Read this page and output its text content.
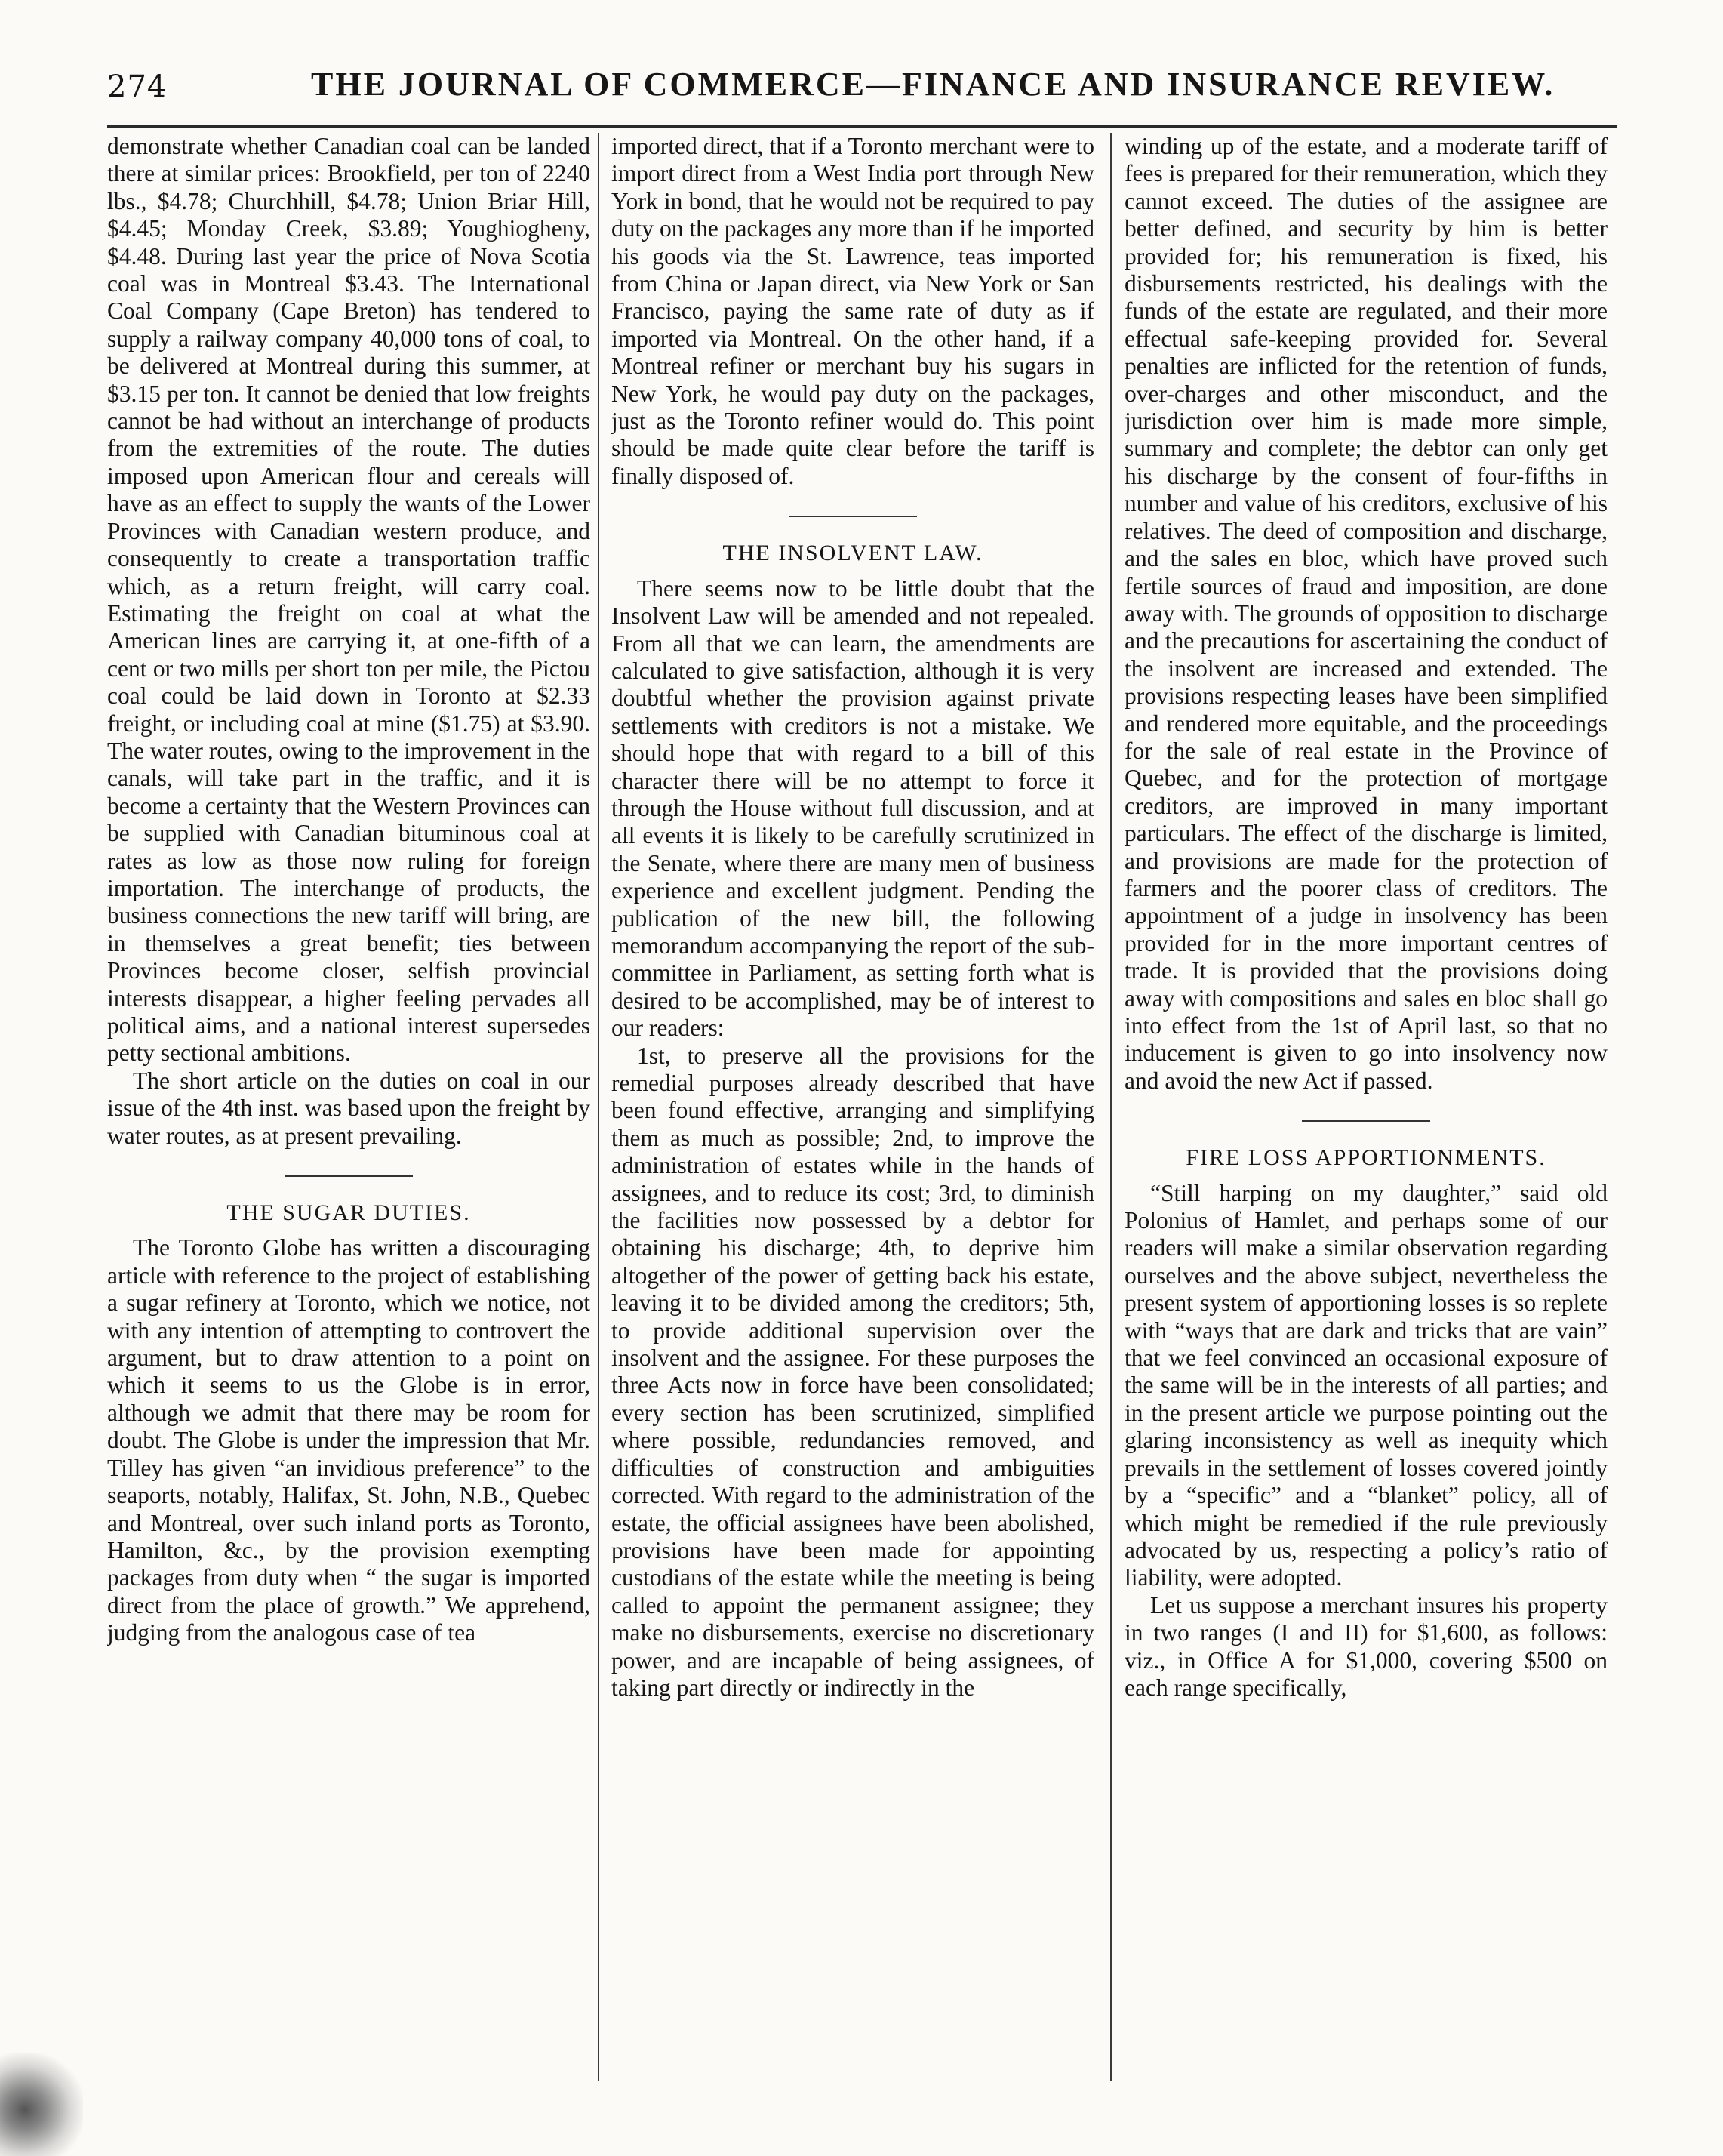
274	THE JOURNAL OF COMMERCE—FINANCE AND INSURANCE REVIEW.

demonstrate whether Canadian coal can be landed there at similar prices: Brookfield, per ton of 2240 lbs., $4.78; Churchhill, $4.78; Union Briar Hill, $4.45; Monday Creek, $3.89; Youghiogheny, $4.48. During last year the price of Nova Scotia coal was in Montreal $3.43. The International Coal Company (Cape Breton) has tendered to supply a railway company 40,000 tons of coal, to be delivered at Montreal during this summer, at $3.15 per ton. It cannot be denied that low freights cannot be had without an interchange of products from the extremities of the route. The duties imposed upon American flour and cereals will have as an effect to supply the wants of the Lower Provinces with Canadian western produce, and consequently to create a transportation traffic which, as a return freight, will carry coal. Estimating the freight on coal at what the American lines are carrying it, at one-fifth of a cent or two mills per short ton per mile, the Pictou coal could be laid down in Toronto at $2.33 freight, or including coal at mine ($1.75) at $3.90. The water routes, owing to the improvement in the canals, will take part in the traffic, and it is become a certainty that the Western Provinces can be supplied with Canadian bituminous coal at rates as low as those now ruling for foreign importation. The interchange of products, the business connections the new tariff will bring, are in themselves a great benefit; ties between Provinces become closer, selfish provincial interests disappear, a higher feeling pervades all political aims, and a national interest supersedes petty sectional ambitions.

The short article on the duties on coal in our issue of the 4th inst. was based upon the freight by water routes, as at present prevailing.

THE SUGAR DUTIES.

The Toronto Globe has written a discouraging article with reference to the project of establishing a sugar refinery at Toronto, which we notice, not with any intention of attempting to controvert the argument, but to draw attention to a point on which it seems to us the Globe is in error, although we admit that there may be room for doubt. The Globe is under the impression that Mr. Tilley has given “an invidious preference” to the seaports, notably, Halifax, St. John, N.B., Quebec and Montreal, over such inland ports as Toronto, Hamilton, &c., by the provision exempting packages from duty when “ the sugar is imported direct from the place of growth.” We apprehend, judging from the analogous case of tea

imported direct, that if a Toronto merchant were to import direct from a West India port through New York in bond, that he would not be required to pay duty on the packages any more than if he imported his goods via the St. Lawrence, teas imported from China or Japan direct, via New York or San Francisco, paying the same rate of duty as if imported via Montreal. On the other hand, if a Montreal refiner or merchant buy his sugars in New York, he would pay duty on the packages, just as the Toronto refiner would do. This point should be made quite clear before the tariff is finally disposed of.

THE INSOLVENT LAW.

There seems now to be little doubt that the Insolvent Law will be amended and not repealed. From all that we can learn, the amendments are calculated to give satisfaction, although it is very doubtful whether the provision against private settlements with creditors is not a mistake. We should hope that with regard to a bill of this character there will be no attempt to force it through the House without full discussion, and at all events it is likely to be carefully scrutinized in the Senate, where there are many men of business experience and excellent judgment. Pending the publication of the new bill, the following memorandum accompanying the report of the sub-committee in Parliament, as setting forth what is desired to be accomplished, may be of interest to our readers:

1st, to preserve all the provisions for the remedial purposes already described that have been found effective, arranging and simplifying them as much as possible; 2nd, to improve the administration of estates while in the hands of assignees, and to reduce its cost; 3rd, to diminish the facilities now possessed by a debtor for obtaining his discharge; 4th, to deprive him altogether of the power of getting back his estate, leaving it to be divided among the creditors; 5th, to provide additional supervision over the insolvent and the assignee. For these purposes the three Acts now in force have been consolidated; every section has been scrutinized, simplified where possible, redundancies removed, and difficulties of construction and ambiguities corrected. With regard to the administration of the estate, the official assignees have been abolished, provisions have been made for appointing custodians of the estate while the meeting is being called to appoint the permanent assignee; they make no disbursements, exercise no discretionary power, and are incapable of being assignees, of taking part directly or indirectly in the

winding up of the estate, and a moderate tariff of fees is prepared for their remuneration, which they cannot exceed. The duties of the assignee are better defined, and security by him is better provided for; his remuneration is fixed, his disbursements restricted, his dealings with the funds of the estate are regulated, and their more effectual safe-keeping provided for. Several penalties are inflicted for the retention of funds, over-charges and other misconduct, and the jurisdiction over him is made more simple, summary and complete; the debtor can only get his discharge by the consent of four-fifths in number and value of his creditors, exclusive of his relatives. The deed of composition and discharge, and the sales en bloc, which have proved such fertile sources of fraud and imposition, are done away with. The grounds of opposition to discharge and the precautions for ascertaining the conduct of the insolvent are increased and extended. The provisions respecting leases have been simplified and rendered more equitable, and the proceedings for the sale of real estate in the Province of Quebec, and for the protection of mortgage creditors, are improved in many important particulars. The effect of the discharge is limited, and provisions are made for the protection of farmers and the poorer class of creditors. The appointment of a judge in insolvency has been provided for in the more important centres of trade. It is provided that the provisions doing away with compositions and sales en bloc shall go into effect from the 1st of April last, so that no inducement is given to go into insolvency now and avoid the new Act if passed.

FIRE LOSS APPORTIONMENTS.

“Still harping on my daughter,” said old Polonius of Hamlet, and perhaps some of our readers will make a similar observation regarding ourselves and the above subject, nevertheless the present system of apportioning losses is so replete with “ways that are dark and tricks that are vain” that we feel convinced an occasional exposure of the same will be in the interests of all parties; and in the present article we purpose pointing out the glaring inconsistency as well as inequity which prevails in the settlement of losses covered jointly by a “specific” and a “blanket” policy, all of which might be remedied if the rule previously advocated by us, respecting a policy’s ratio of liability, were adopted.

Let us suppose a merchant insures his property in two ranges (I and II) for $1,600, as follows: viz., in Office A for $1,000, covering $500 on each range specifically,
